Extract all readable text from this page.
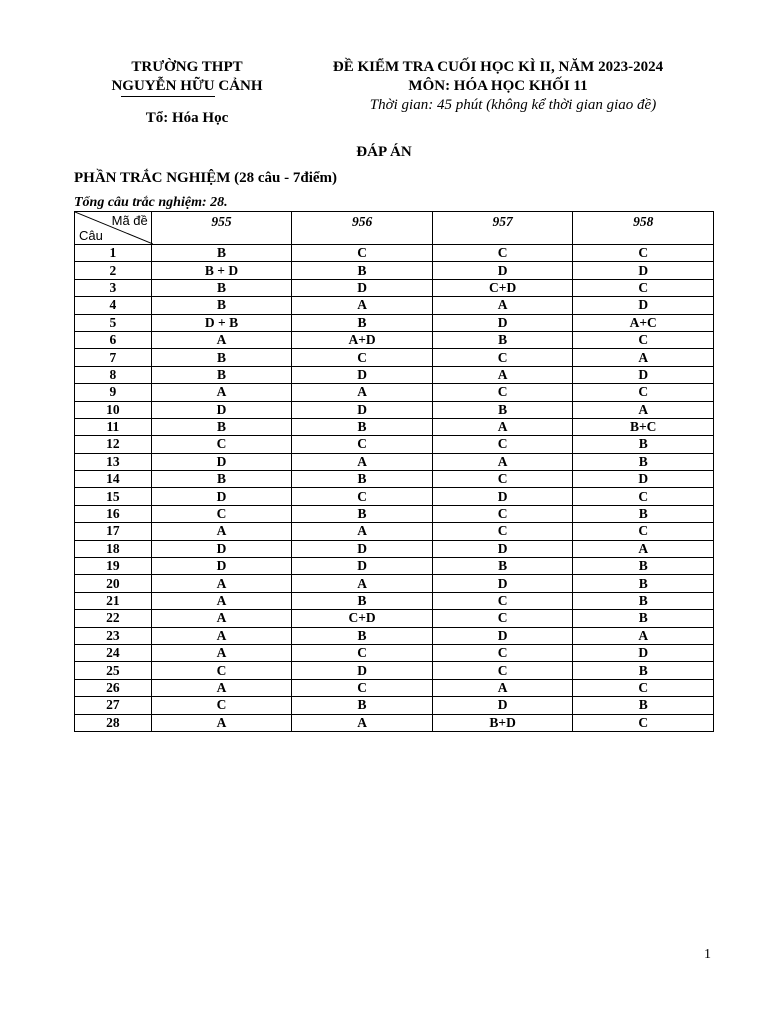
TRƯỜNG THPT
NGUYỄN HỮU CẢNH
Tổ: Hóa Học
ĐỀ KIỂM TRA CUỐI HỌC KÌ II, NĂM 2023-2024
MÔN: HÓA HỌC KHỐI 11
Thời gian: 45 phút (không kể thời gian giao đề)
ĐÁP ÁN
PHẦN TRẮC NGHIỆM (28 câu - 7điểm)
Tổng câu trắc nghiệm: 28.
Mã đề
Câu	955	956	957	958
1	B	C	C	C
2	B + D	B	D	D
3	B	D	C+D	C
4	B	A	A	D
5	D + B	B	D	A+C
6	A	A+D	B	C
7	B	C	C	A
8	B	D	A	D
9	A	A	C	C
10	D	D	B	A
11	B	B	A	B+C
12	C	C	C	B
13	D	A	A	B
14	B	B	C	D
15	D	C	D	C
16	C	B	C	B
17	A	A	C	C
18	D	D	D	A
19	D	D	B	B
20	A	A	D	B
21	A	B	C	B
22	A	C+D	C	B
23	A	B	D	A
24	A	C	C	D
25	C	D	C	B
26	A	C	A	C
27	C	B	D	B
28	A	A	B+D	C
1
